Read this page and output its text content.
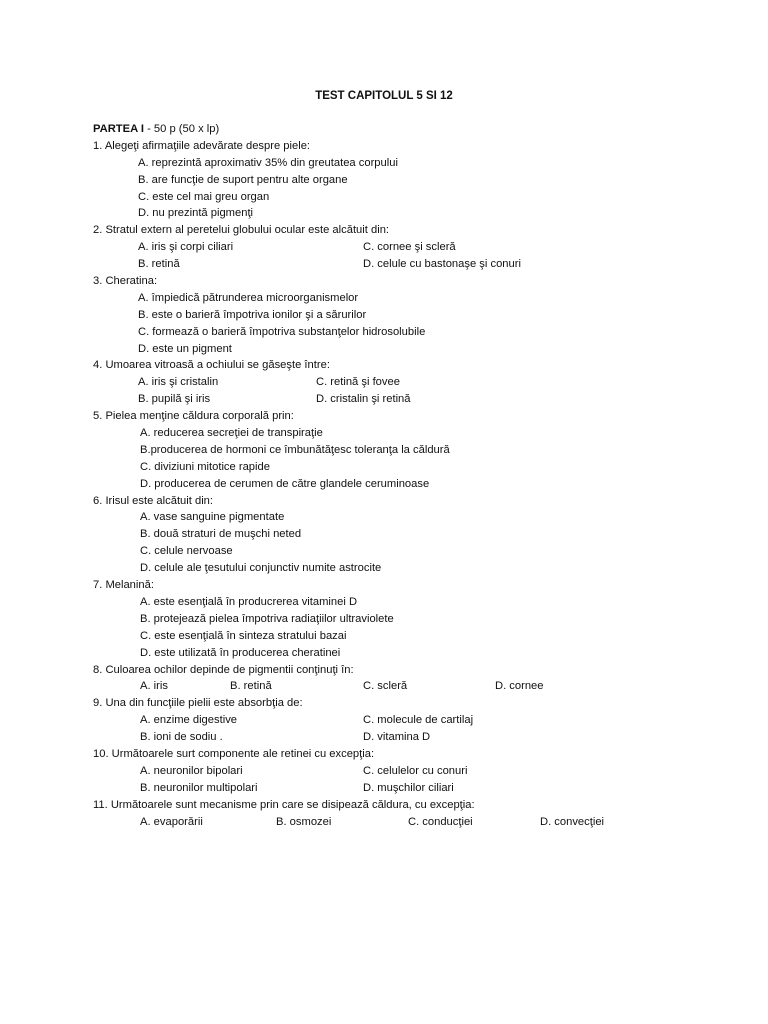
TEST CAPITOLUL 5 SI 12
PARTEA I - 50 p (50 x lp)
1. Alegeţi afirmaţiile adevărate despre piele:
A. reprezintă aproximativ 35% din greutatea corpului
B. are funcţie de suport pentru alte organe
C. este cel mai greu organ
D. nu prezintă pigmenţi
2. Stratul extern al peretelui globului ocular este alcătuit din:
A. iris şi corpi ciliari	C. cornee şi scleră
B. retină	D. celule cu bastonaşe şi conuri
3. Cheratina:
A. împiedică pătrunderea microorganismelor
B. este o barieră împotriva ionilor şi a sărurilor
C. formează o barieră împotriva substanţelor hidrosolubile
D. este un pigment
4. Umoarea vitroasă a ochiului se găseşte între:
A. iris şi cristalin	C. retină şi fovee
B. pupilă şi iris	D. cristalin şi retină
5. Pielea menţine căldura corporală prin:
A. reducerea secreţiei de transpiraţie
B.producerea de hormoni ce îmbunătăţesc toleranţa la căldură
C. diviziuni mitotice rapide
D. producerea de cerumen de către glandele ceruminoase
6. Irisul este alcătuit din:
A. vase sanguine pigmentate
B. două straturi de muşchi neted
C. celule nervoase
D. celule ale ţesutului conjunctiv numite astrocite
7. Melanină:
A. este esenţială în producrerea vitaminei D
B. protejează pielea împotriva radiaţiilor ultraviolete
C. este esenţială în sinteza stratului bazai
D. este utilizată în producerea cheratinei
8. Culoarea ochilor depinde de pigmentii conţinuţi în:
A. iris	B. retină	C. scleră	D. cornee
9. Una din funcţiile pielii este absorbţia de:
A. enzime digestive	C. molecule de cartilaj
B. ioni de sodiu .	D. vitamina D
10. Următoarele surt componente ale retinei cu excepţia:
A. neuronilor bipolari	C. celulelor cu conuri
B. neuronilor multipolari	D. muşchilor ciliari
11. Următoarele sunt mecanisme prin care se disipează căldura, cu excepţia:
A. evaporării	B. osmozei	C. conducţiei	D. convecţiei
